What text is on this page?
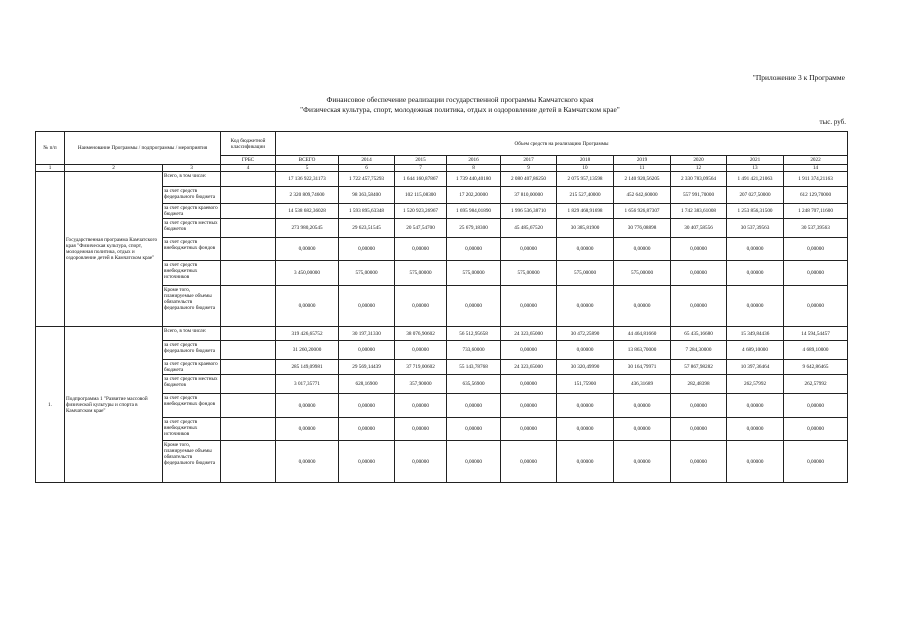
"Приложение 3 к Программе
Финансовое обеспечение реализации государственной программы Камчатского края
"Физическая культура, спорт, молодежная политика, отдых и оздоровление детей в Камчатском крае"
тыс. руб.
№ п/п	Наименование Программы / подпрограммы / мероприятия		Код бюджетной классификации	Объем средств на реализацию Программы									
			ГРБС	ВСЕГО	2014	2015	2016	2017	2018	2019	2020	2021	2022
1	2	3	4	5	6	7	8	9	10	11	12	13	14
	Государственная программа Камчатского края "Физическая культура, спорт, молодежная политика, отдых и оздоровление детей в Камчатском крае"	Всего, в том числе:		17 136 922,31173	1 722 457,75293	1 644 160,87867	1 739 440,40180	2 080 407,86250	2 075 957,13598	2 140 920,56205	2 330 783,09564	1 491 421,21063	1 911 374,21163
		за счет средств федерального бюджета		2 320 809,74600	98 363,58400	102 115,08300	17 202,20000	37 810,00000	215 527,40000	452 642,60000	557 991,70000	207 027,50000	612 129,70000
		за счет средств краевого бюджета		14 538 682,36028	1 593 895,63348	1 520 923,26967	1 695 984,01890	1 996 536,38710	1 829 468,91698	1 656 926,87307	1 742 383,61008	1 253 856,31500	1 248 707,11600
		за счет средств местных бюджетов		273 980,20545	29 623,51545	20 547,54700	25 679,18300	45 485,67520	30 385,81900	30 776,08898	30 407,58556	30 537,39563	30 537,39563
		за счет средств внебюджетных фондов		0,00000	0,00000	0,00000	0,00000	0,00000	0,00000	0,00000	0,00000	0,00000	0,00000
		за счет средств внебюджетных источников		3 450,00000	575,00000	575,00000	575,00000	575,00000	575,00000	575,00000	0,00000	0,00000	0,00000
		Кроме того, планируемые объемы обязательств федерального бюджета		0,00000	0,00000	0,00000	0,00000	0,00000	0,00000	0,00000	0,00000	0,00000	0,00000
1.	Подпрограмма 1 "Развитие массовой физической культуры и спорта в Камчатском крае"	Всего, в том числе:		319 426,65752	30 197,31330	38 076,90602	56 512,95658	24 323,65000	30 472,25890	44 464,81660	65 435,16680	15 349,84436	14 594,54457
		за счет средств федерального бюджета		31 260,20000	0,00000	0,00000	733,60000	0,00000	0,00000	13 863,70000	7 284,30000	4 689,10000	4 689,10000
		за счет средств краевого бюджета		285 149,09981	29 569,14439	37 719,00602	55 143,78768	24 323,65000	30 320,49990	30 164,79971	57 867,98282	10 397,36464	9 642,86465
		за счет средств местных бюджетов		3 017,35771	628,16900	357,90000	635,56900	0,00000	151,75900	436,31689	282,48398	262,57992	262,57992
		за счет средств внебюджетных фондов		0,00000	0,00000	0,00000	0,00000	0,00000	0,00000	0,00000	0,00000	0,00000	0,00000
		за счет средств внебюджетных источников		0,00000	0,00000	0,00000	0,00000	0,00000	0,00000	0,00000	0,00000	0,00000	0,00000
		Кроме того, планируемые объемы обязательств федерального бюджета		0,00000	0,00000	0,00000	0,00000	0,00000	0,00000	0,00000	0,00000	0,00000	0,00000
